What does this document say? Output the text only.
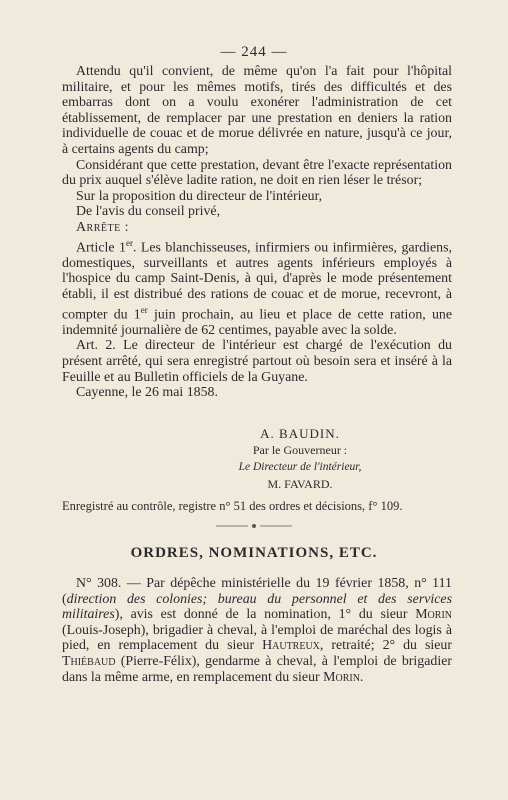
— 244 —

Attendu qu'il convient, de même qu'on l'a fait pour l'hôpital militaire, et pour les mêmes motifs, tirés des difficultés et des embarras dont on a voulu exonérer l'administration de cet établissement, de remplacer par une prestation en deniers la ration individuelle de couac et de morue délivrée en nature, jusqu'à ce jour, à certains agents du camp;

Considérant que cette prestation, devant être l'exacte représentation du prix auquel s'élève ladite ration, ne doit en rien léser le trésor;

Sur la proposition du directeur de l'intérieur,

De l'avis du conseil privé,

Arrête :

Article 1er. Les blanchisseuses, infirmiers ou infirmières, gardiens, domestiques, surveillants et autres agents inférieurs employés à l'hospice du camp Saint-Denis, à qui, d'après le mode présentement établi, il est distribué des rations de couac et de morue, recevront, à compter du 1er juin prochain, au lieu et place de cette ration, une indemnité journalière de 62 centimes, payable avec la solde.

Art. 2. Le directeur de l'intérieur est chargé de l'exécution du présent arrêté, qui sera enregistré partout où besoin sera et inséré à la Feuille et au Bulletin officiels de la Guyane.

Cayenne, le 26 mai 1858.

A. BAUDIN.
Par le Gouverneur :
Le Directeur de l'intérieur,
M. FAVARD.
Enregistré au contrôle, registre n° 51 des ordres et décisions, f° 109.
ORDRES, NOMINATIONS, ETC.

N° 308. — Par dépêche ministérielle du 19 février 1858, n° 111 (direction des colonies; bureau du personnel et des services militaires), avis est donné de la nomination, 1° du sieur Morin (Louis-Joseph), brigadier à cheval, à l'emploi de maréchal des logis à pied, en remplacement du sieur Hautreux, retraité; 2° du sieur Thiébaud (Pierre-Félix), gendarme à cheval, à l'emploi de brigadier dans la même arme, en remplacement du sieur Morin.
